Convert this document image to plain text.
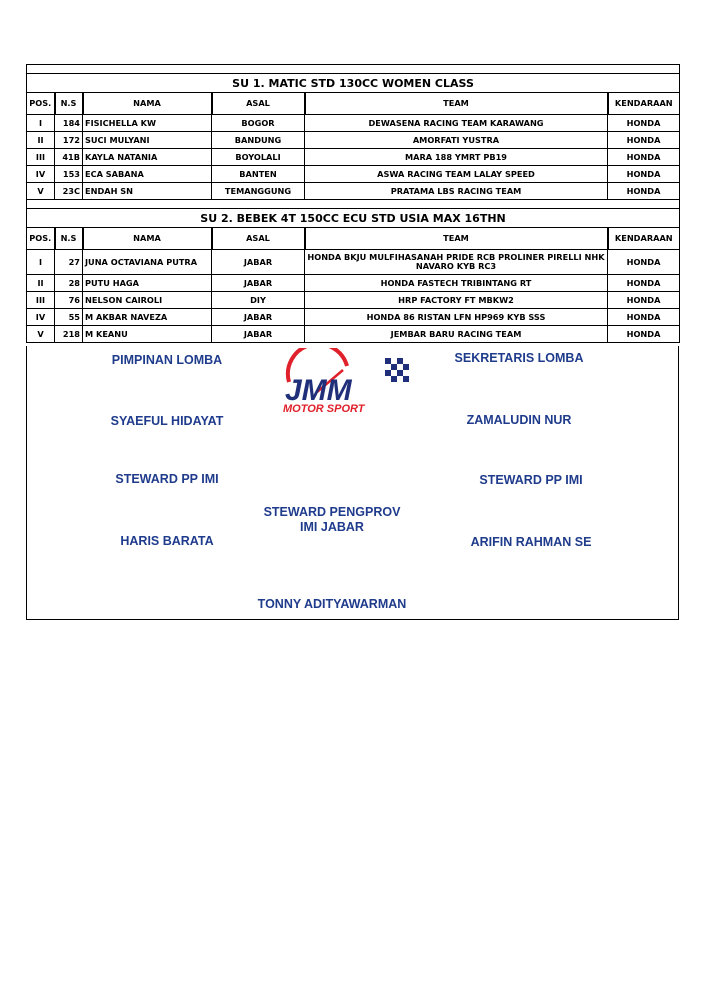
SU 1. MATIC STD 130CC WOMEN CLASS					
POS.	N.S	NAMA	ASAL	TEAM	KENDARAAN
I	184	FISICHELLA KW	BOGOR	DEWASENA RACING TEAM KARAWANG	HONDA
II	172	SUCI MULYANI	BANDUNG	AMORFATI YUSTRA	HONDA
III	41B	KAYLA NATANIA	BOYOLALI	MARA 188 YMRT PB19	HONDA
IV	153	ECA SABANA	BANTEN	ASWA RACING TEAM LALAY SPEED	HONDA
V	23C	ENDAH SN	TEMANGGUNG	PRATAMA LBS RACING TEAM	HONDA

SU 2. BEBEK 4T 150CC ECU STD USIA MAX 16THN					
POS.	N.S	NAMA	ASAL	TEAM	KENDARAAN
I	27	JUNA OCTAVIANA PUTRA	JABAR	HONDA BKJU MULFIHASANAH PRIDE RCB PROLINER PIRELLI NHK NAVARO KYB RC3	HONDA
II	28	PUTU HAGA	JABAR	HONDA FASTECH TRIBINTANG RT	HONDA
III	76	NELSON CAIROLI	DIY	HRP FACTORY FT MBKW2	HONDA
IV	55	M AKBAR NAVEZA	JABAR	HONDA 86 RISTAN LFN HP969 KYB SSS	HONDA
V	218	M KEANU	JABAR	JEMBAR BARU RACING TEAM	HONDA
PIMPINAN LOMBA	SEKRETARIS LOMBA
JMM
MOTOR SPORT
SYAEFUL HIDAYAT	ZAMALUDIN NUR
STEWARD PP IMI	STEWARD PP IMI
STEWARD PENGPROV
IMI JABAR
HARIS BARATA	ARIFIN RAHMAN SE
TONNY ADITYAWARMAN
